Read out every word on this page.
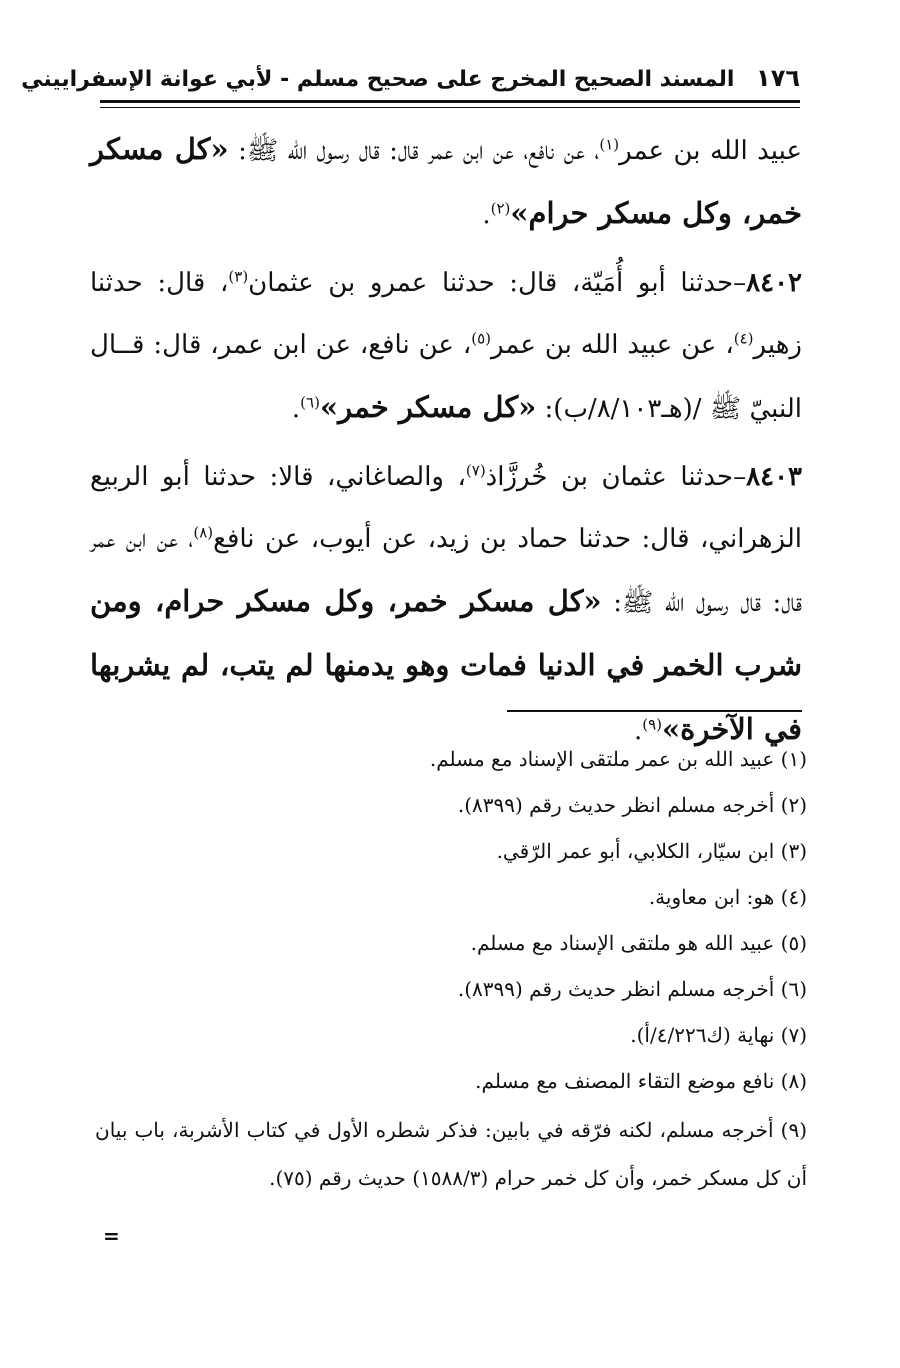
١٧٦ المسند الصحيح المخرج على صحيح مسلم - لأبي عوانة الإسفراييني

عبيد الله بن عمر$^{(١)}$، عن نافع، عن ابن عمر قال: قال رسول الله ﷺ: «كل مسكر خمر، وكل مسكر حرام»$^{(٢)}$.

٨٤٠٢–حدثنا أبو أُمَيّة، قال: حدثنا عمرو بن عثمان$^{(٣)}$، قال: حدثنا زهير$^{(٤)}$، عن عبيد الله بن عمر$^{(٥)}$، عن نافع، عن ابن عمر، قال: قــال النبيّ ﷺ /(هـ٨/١٠٣/ب): «كل مسكر خمر»$^{(٦)}$.

٨٤٠٣–حدثنا عثمان بن خُرزَّاذ$^{(٧)}$، والصاغاني، قالا: حدثنا أبو الربيع الزهراني، قال: حدثنا حماد بن زيد، عن أيوب، عن نافع$^{(٨)}$، عن ابن عمر قال: قال رسول الله ﷺ: «كل مسكر خمر، وكل مسكر حرام، ومن شرب الخمر في الدنيا فمات وهو يدمنها لم يتب، لم يشربها في الآخرة»$^{(٩)}$.

(١) عبيد الله بن عمر ملتقى الإسناد مع مسلم.

(٢) أخرجه مسلم انظر حديث رقم (٨٣٩٩).

(٣) ابن سيّار، الكلابي، أبو عمر الرّقي.

(٤) هو: ابن معاوية.

(٥) عبيد الله هو ملتقى الإسناد مع مسلم.

(٦) أخرجه مسلم انظر حديث رقم (٨٣٩٩).

(٧) نهاية (ك٤/٢٢٦/أ).

(٨) نافع موضع التقاء المصنف مع مسلم.

(٩) أخرجه مسلم، لكنه فرّقه في بابين: فذكر شطره الأول في كتاب الأشربة، باب بيان أن كل مسكر خمر، وأن كل خمر حرام (١٥٨٨/٣) حديث رقم (٧٥).

=
